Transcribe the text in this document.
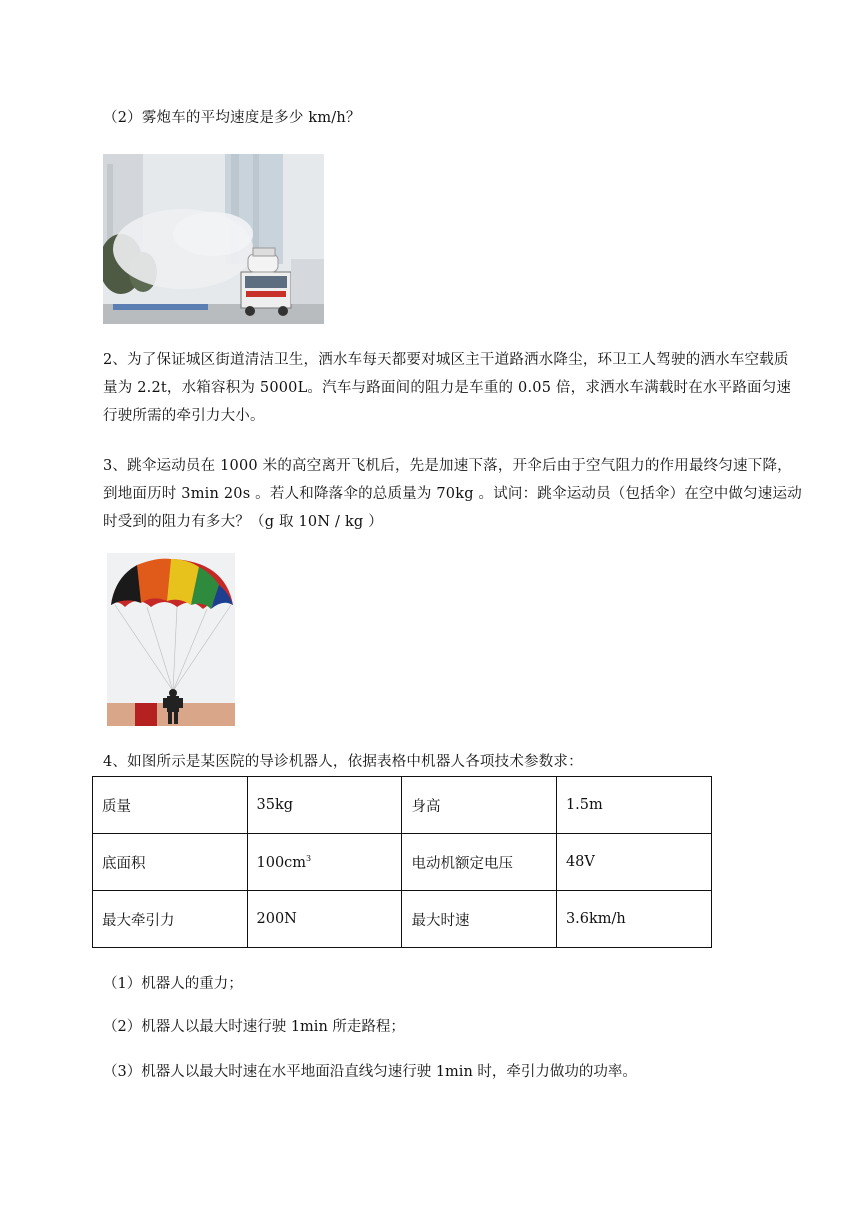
（2）雾炮车的平均速度是多少 km/h？
2、为了保证城区街道清洁卫生，洒水车每天都要对城区主干道路洒水降尘，环卫工人驾驶的洒水车空载质量为 2.2t，水箱容积为 5000L。汽车与路面间的阻力是车重的 0.05 倍，求洒水车满载时在水平路面匀速行驶所需的牵引力大小。
3、跳伞运动员在 1000 米的高空离开飞机后，先是加速下落，开伞后由于空气阻力的作用最终匀速下降，到地面历时 3min 20s 。若人和降落伞的总质量为 70kg 。试问：跳伞运动员（包括伞）在空中做匀速运动时受到的阻力有多大？（g 取 10N / kg ）
4、如图所示是某医院的导诊机器人，依据表格中机器人各项技术参数求：
质量	35kg	身高	1.5m
底面积	$100cm^3$	电动机额定电压	48V
最大牵引力	200N	最大时速	3.6km/h
（1）机器人的重力；
（2）机器人以最大时速行驶 1min 所走路程；
（3）机器人以最大时速在水平地面沿直线匀速行驶 1min 时，牵引力做功的功率。
